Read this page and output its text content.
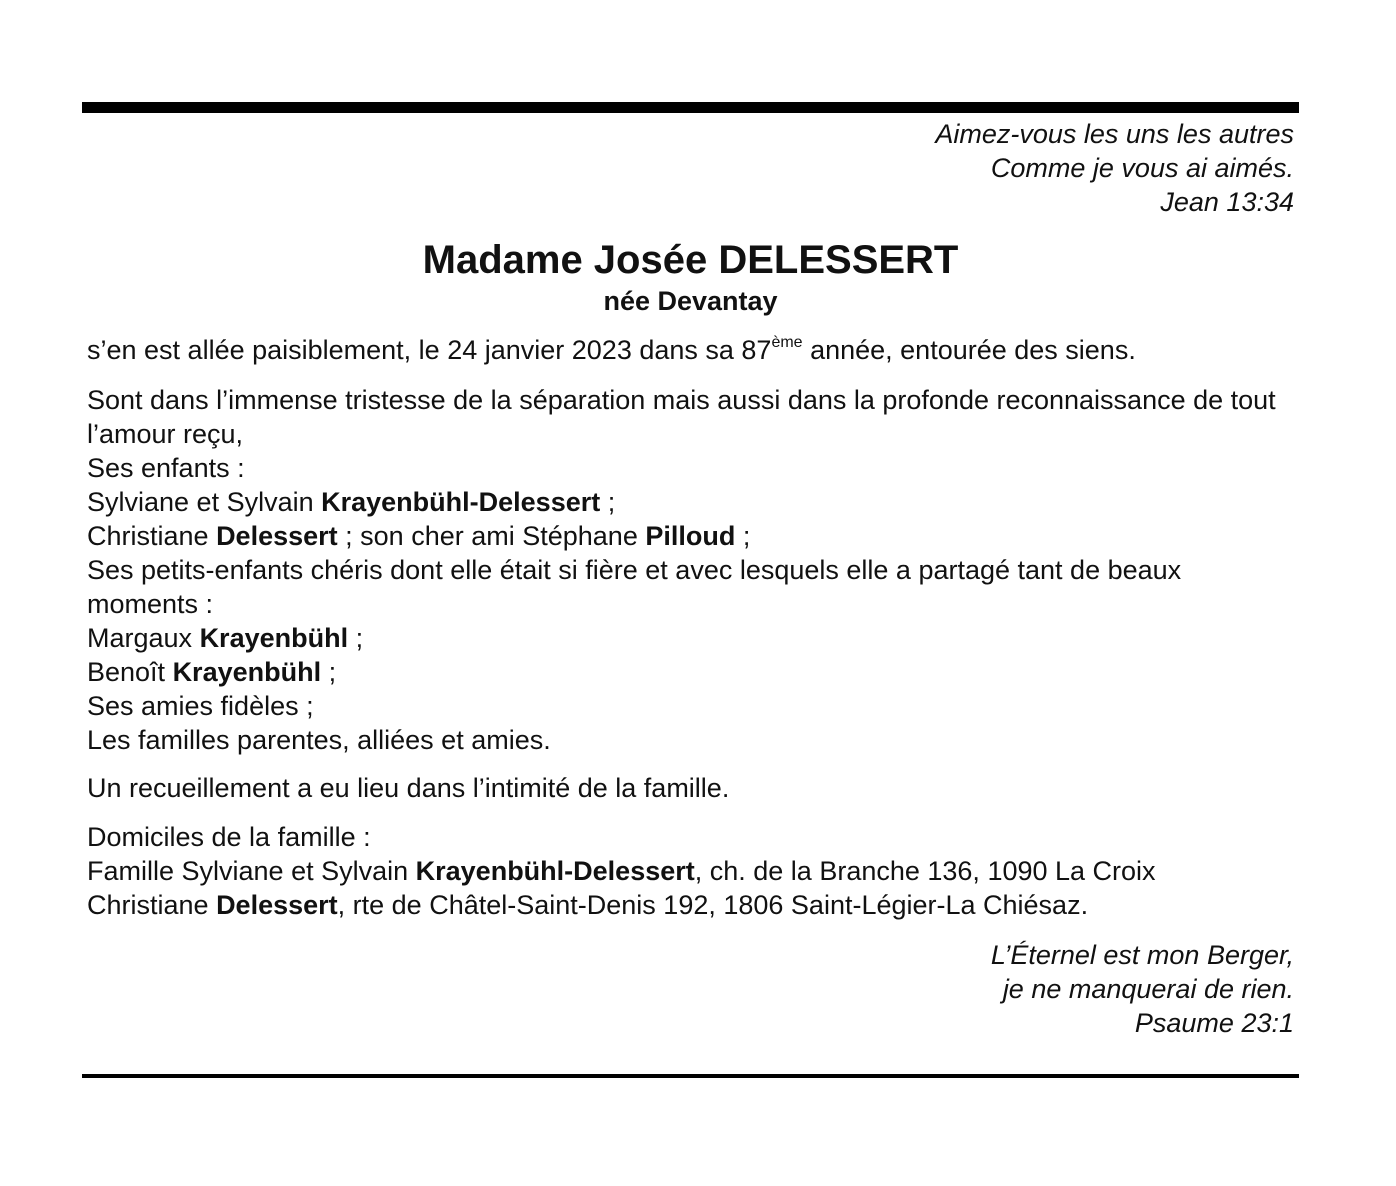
Aimez-vous les uns les autres
Comme je vous ai aimés.
Jean 13:34
Madame Josée DELESSERT
née Devantay

s’en est allée paisiblement, le 24 janvier 2023 dans sa 87ème année, entourée des siens.

Sont dans l’immense tristesse de la séparation mais aussi dans la profonde reconnaissance de tout l’amour reçu,

Ses enfants :

Sylviane et Sylvain Krayenbühl-Delessert ;

Christiane Delessert ; son cher ami Stéphane Pilloud ;

Ses petits-enfants chéris dont elle était si fière et avec lesquels elle a partagé tant de beaux moments :

Margaux Krayenbühl ;

Benoît Krayenbühl ;

Ses amies fidèles ;

Les familles parentes, alliées et amies.

Un recueillement a eu lieu dans l’intimité de la famille.

Domiciles de la famille :

Famille Sylviane et Sylvain Krayenbühl-Delessert, ch. de la Branche 136, 1090 La Croix

Christiane Delessert, rte de Châtel-Saint-Denis 192, 1806 Saint-Légier-La Chiésaz.

L’Éternel est mon Berger,
je ne manquerai de rien.
Psaume 23:1
